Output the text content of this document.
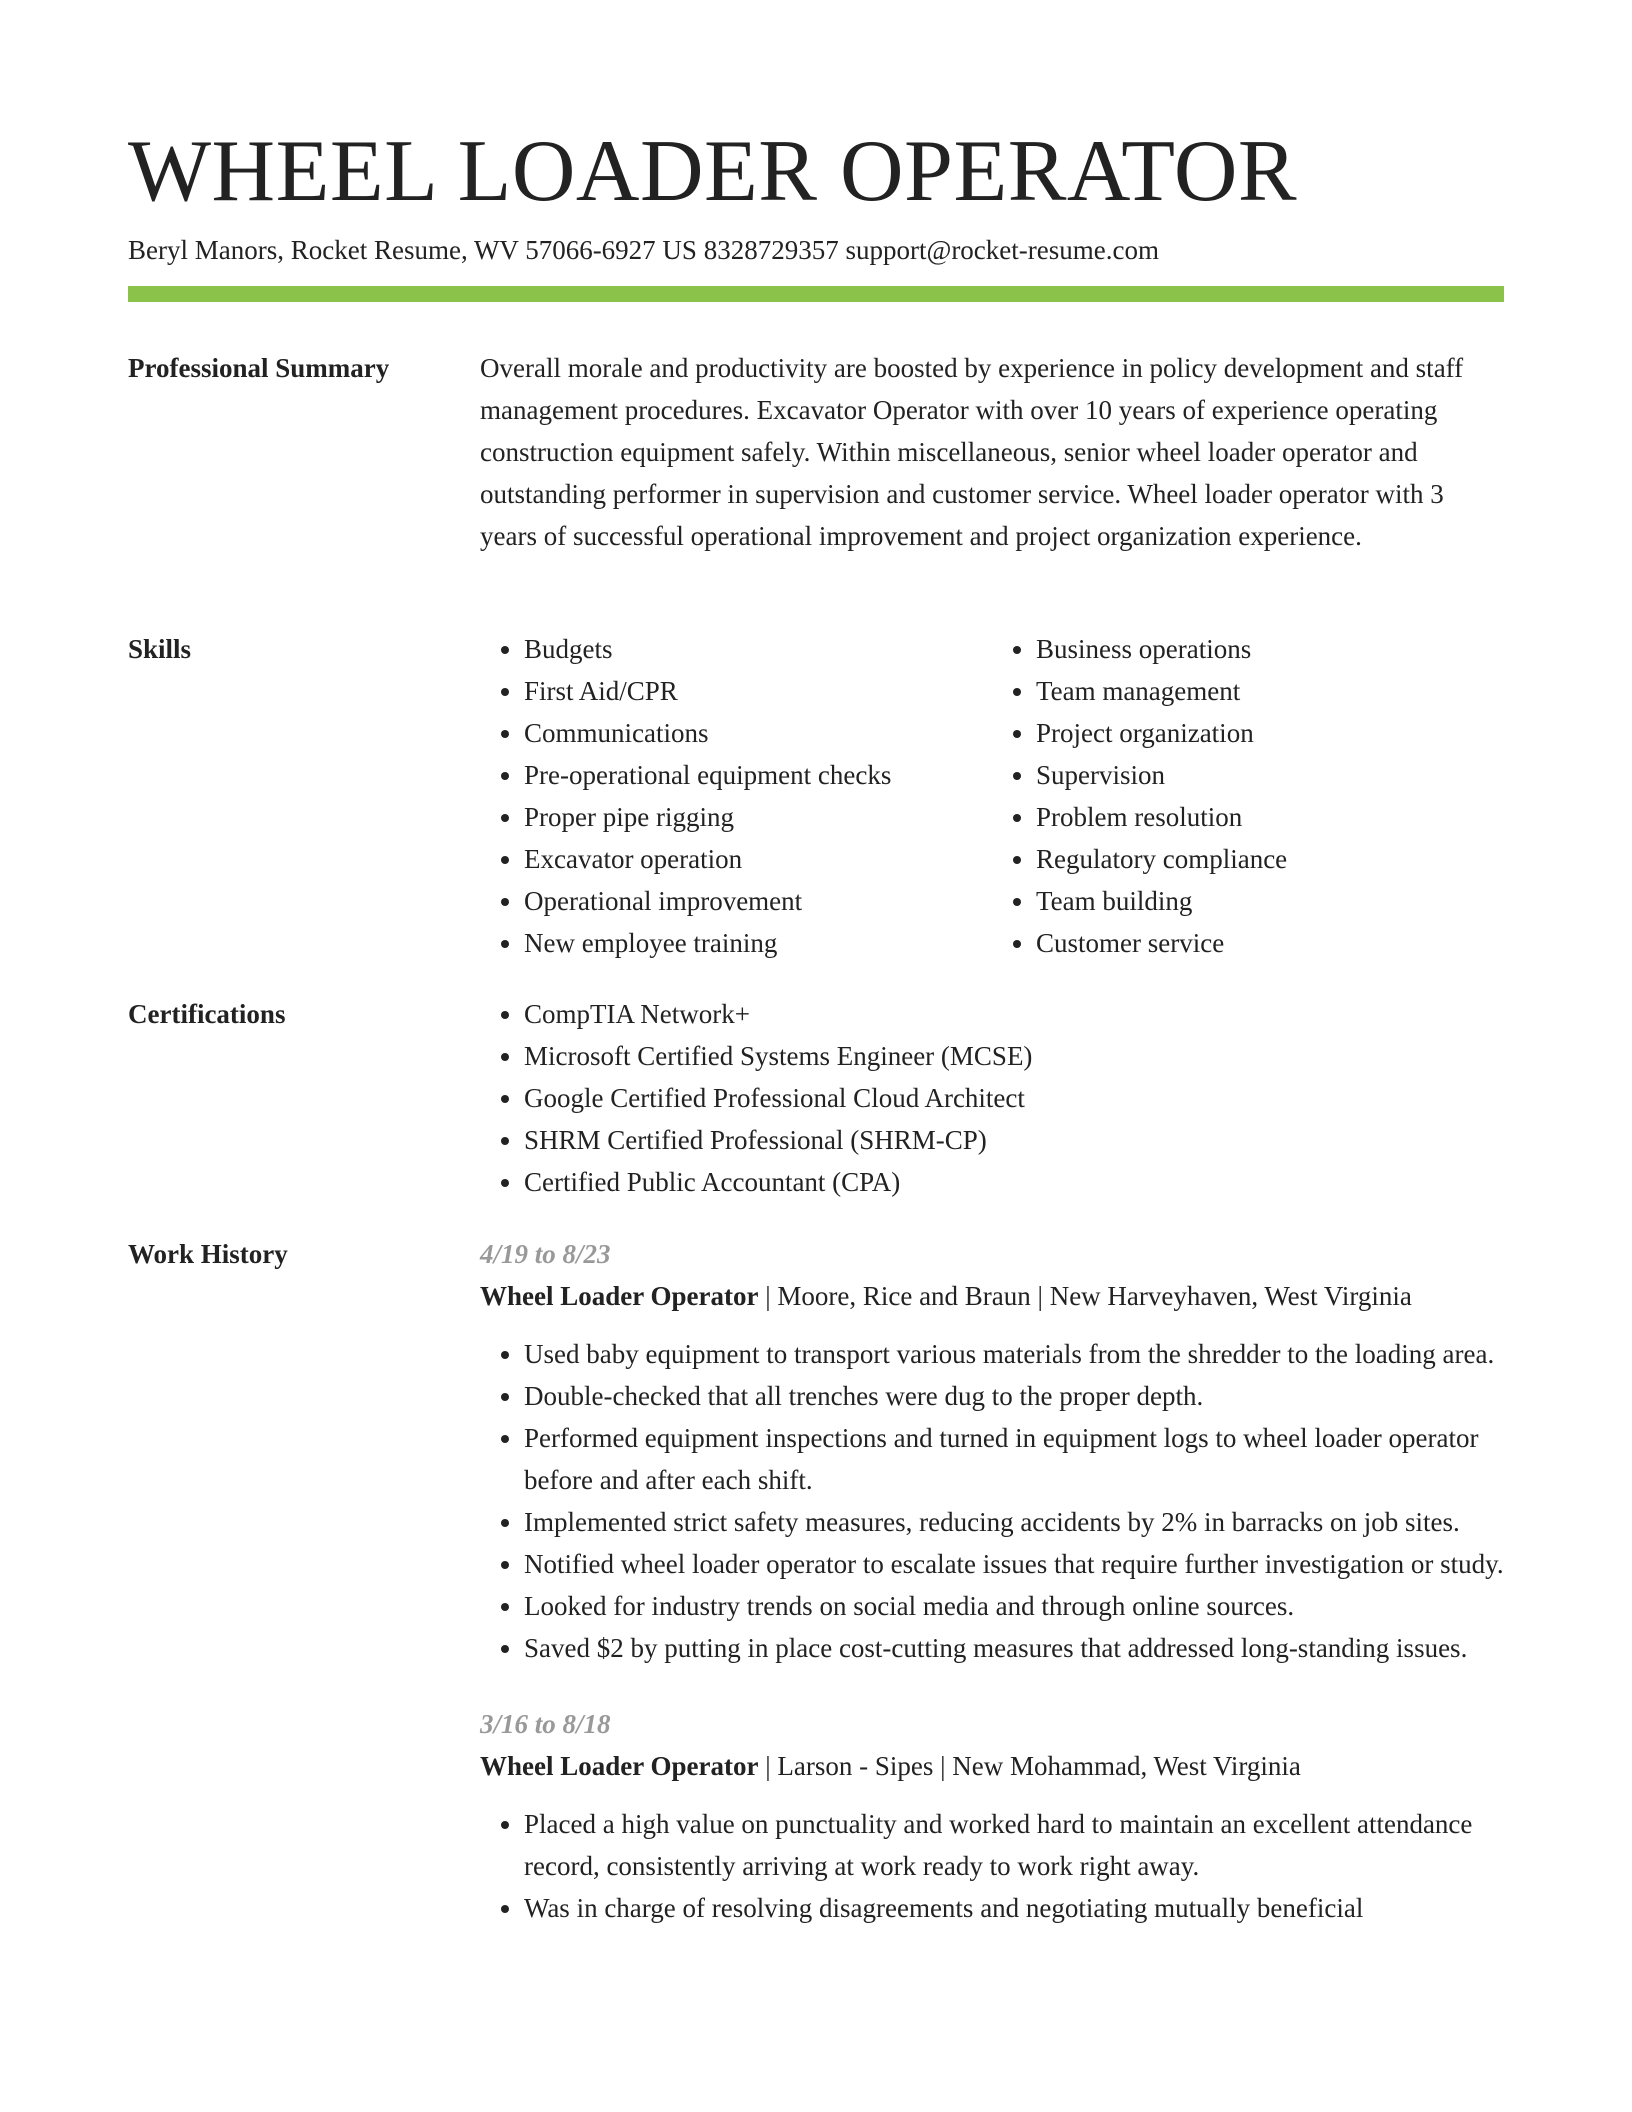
WHEEL LOADER OPERATOR
Beryl Manors, Rocket Resume, WV 57066-6927 US 8328729357 support@rocket-resume.com
Professional Summary	Overall morale and productivity are boosted by experience in policy development and staff management procedures. Excavator Operator with over 10 years of experience operating construction equipment safely. Within miscellaneous, senior wheel loader operator and outstanding performer in supervision and customer service. Wheel loader operator with 3 years of successful operational improvement and project organization experience.
Skills	• Budgets
• First Aid/CPR
• Communications
• Pre-operational equipment checks
• Proper pipe rigging
• Excavator operation
• Operational improvement
• New employee training
• Business operations
• Team management
• Project organization
• Supervision
• Problem resolution
• Regulatory compliance
• Team building
• Customer service
Certifications	• CompTIA Network+
• Microsoft Certified Systems Engineer (MCSE)
• Google Certified Professional Cloud Architect
• SHRM Certified Professional (SHRM-CP)
• Certified Public Accountant (CPA)
Work History	4/19 to 8/23
Wheel Loader Operator | Moore, Rice and Braun | New Harveyhaven, West Virginia
• Used baby equipment to transport various materials from the shredder to the loading area.
• Double-checked that all trenches were dug to the proper depth.
• Performed equipment inspections and turned in equipment logs to wheel loader operator before and after each shift.
• Implemented strict safety measures, reducing accidents by 2% in barracks on job sites.
• Notified wheel loader operator to escalate issues that require further investigation or study.
• Looked for industry trends on social media and through online sources.
• Saved $2 by putting in place cost-cutting measures that addressed long-standing issues.
3/16 to 8/18
Wheel Loader Operator | Larson - Sipes | New Mohammad, West Virginia
• Placed a high value on punctuality and worked hard to maintain an excellent attendance record, consistently arriving at work ready to work right away.
• Was in charge of resolving disagreements and negotiating mutually beneficial
